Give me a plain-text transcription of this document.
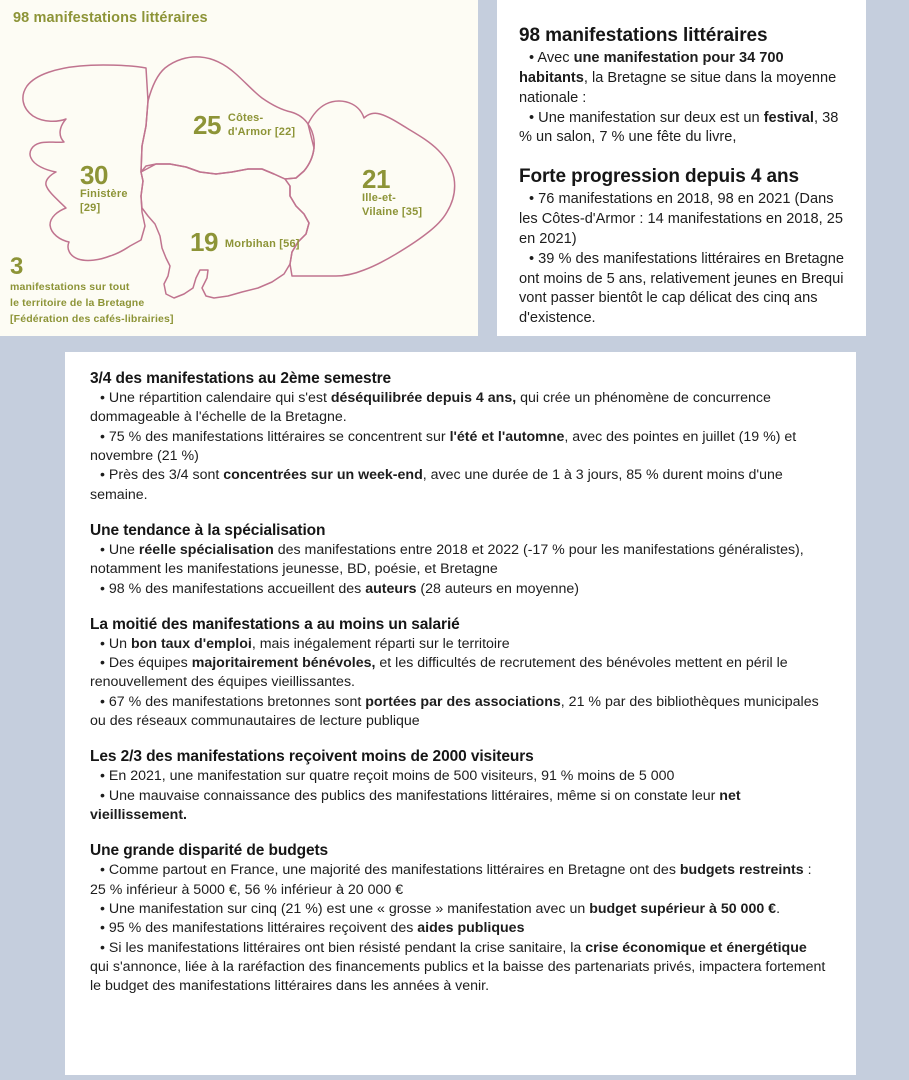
98 manifestations littéraires
30
Finistère
[29]
25 Côtes-
d'Armor [22]
21
Ille-et-
Vilaine [35]
19 Morbihan [56]
3
manifestations sur tout
le territoire de la Bretagne
[Fédération des cafés-librairies]
98 manifestations littéraires

• Avec une manifestation pour 34 700 habitants, la Bretagne se situe dans la moyenne nationale :

• Une manifestation sur deux est un festival, 38 % un salon, 7 % une fête du livre,

Forte progression depuis 4 ans

• 76 manifestations en 2018, 98 en 2021 (Dans les Côtes-d'Armor : 14 manifestations en 2018, 25 en 2021)

• 39 % des manifestations littéraires en Bretagne ont moins de 5 ans, relativement jeunes en Brequi vont passer bientôt le cap délicat des cinq ans d'existence.

3/4 des manifestations au 2ème semestre

• Une répartition calendaire qui s'est déséquilibrée depuis 4 ans, qui crée un phénomène de concurrence dommageable à l'échelle de la Bretagne.

• 75 % des manifestations littéraires se concentrent sur l'été et l'automne, avec des pointes en juillet (19 %) et novembre (21 %)

• Près des 3/4 sont concentrées sur un week-end, avec une durée de 1 à 3 jours, 85 % durent moins d'une semaine.

Une tendance à la spécialisation

• Une réelle spécialisation des manifestations entre 2018 et 2022 (-17 % pour les manifestations généralistes), notamment les manifestations jeunesse, BD, poésie, et Bretagne

• 98 % des manifestations accueillent des auteurs (28 auteurs en moyenne)

La moitié des manifestations a au moins un salarié

• Un bon taux d'emploi, mais inégalement réparti sur le territoire

• Des équipes majoritairement bénévoles, et les difficultés de recrutement des bénévoles mettent en péril le renouvellement des équipes vieillissantes.

• 67 % des manifestations bretonnes sont portées par des associations, 21 % par des bibliothèques municipales ou des réseaux communautaires de lecture publique

Les 2/3 des manifestations reçoivent moins de 2000 visiteurs

• En 2021, une manifestation sur quatre reçoit moins de 500 visiteurs, 91 % moins de 5 000

• Une mauvaise connaissance des publics des manifestations littéraires, même si on constate leur net vieillissement.

Une grande disparité de budgets

• Comme partout en France, une majorité des manifestations littéraires en Bretagne ont des budgets restreints :

25 % inférieur à 5000 €, 56 % inférieur à 20 000 €

• Une manifestation sur cinq (21 %) est une « grosse » manifestation avec un budget supérieur à 50 000 €.

• 95 % des manifestations littéraires reçoivent des aides publiques

• Si les manifestations littéraires ont bien résisté pendant la crise sanitaire, la crise économique et énergétique qui s'annonce, liée à la raréfaction des financements publics et la baisse des partenariats privés, impactera fortement le budget des manifestations littéraires dans les années à venir.
